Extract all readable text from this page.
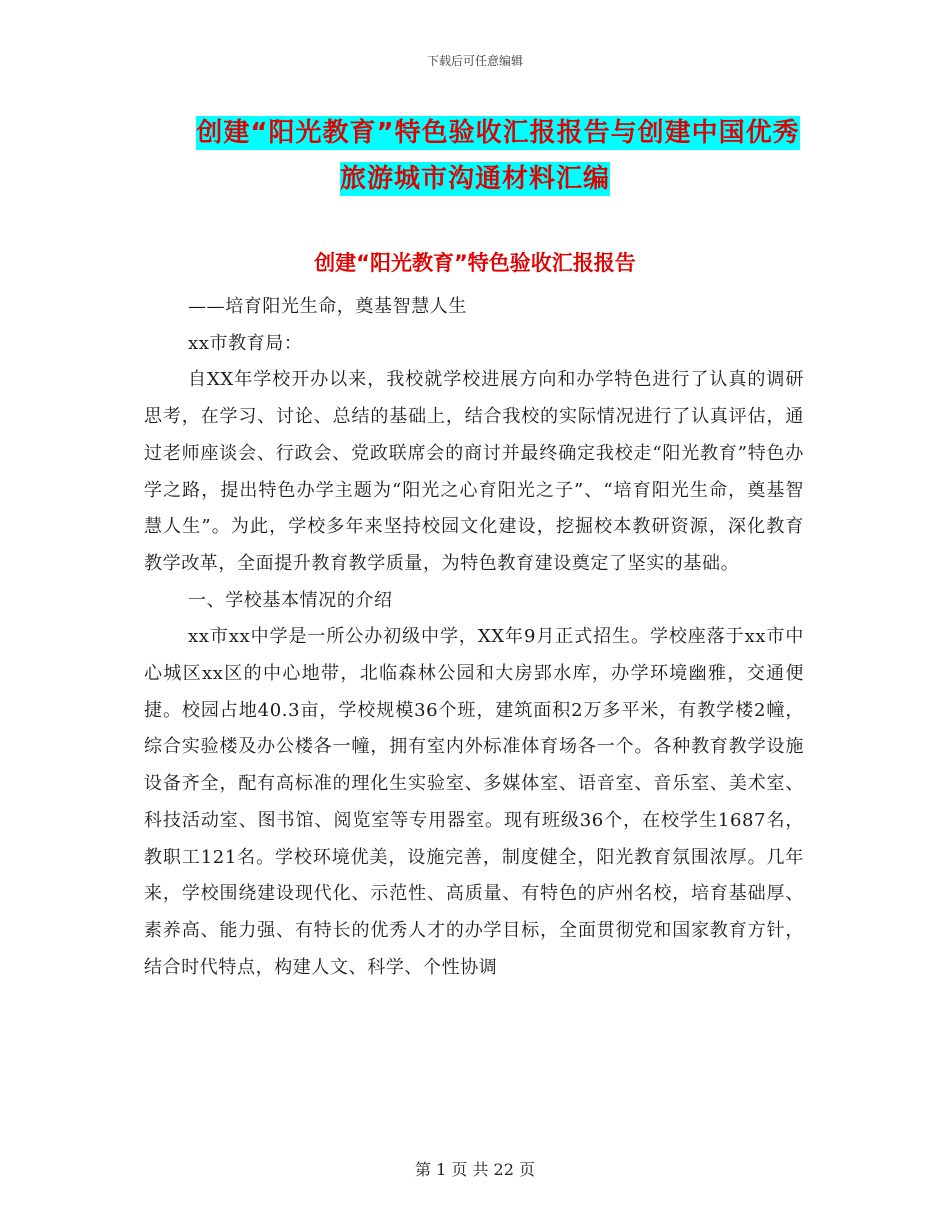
下载后可任意编辑
创建“阳光教育”特色验收汇报报告与创建中国优秀
旅游城市沟通材料汇编
创建“阳光教育”特色验收汇报报告

——培育阳光生命，奠基智慧人生

xx市教育局：

自XX年学校开办以来，我校就学校进展方向和办学特色进行了认真的调研思考，在学习、讨论、总结的基础上，结合我校的实际情况进行了认真评估，通过老师座谈会、行政会、党政联席会的商讨并最终确定我校走“阳光教育”特色办学之路，提出特色办学主题为“阳光之心育阳光之子”、“培育阳光生命，奠基智慧人生”。为此，学校多年来坚持校园文化建设，挖掘校本教研资源，深化教育教学改革，全面提升教育教学质量，为特色教育建设奠定了坚实的基础。

一、学校基本情况的介绍

xx市xx中学是一所公办初级中学，XX年9月正式招生。学校座落于xx市中心城区xx区的中心地带，北临森林公园和大房郢水库，办学环境幽雅，交通便捷。校园占地40.3亩，学校规模36个班，建筑面积2万多平米，有教学楼2幢，综合实验楼及办公楼各一幢，拥有室内外标准体育场各一个。各种教育教学设施设备齐全，配有高标准的理化生实验室、多媒体室、语音室、音乐室、美术室、科技活动室、图书馆、阅览室等专用器室。现有班级36个，在校学生1687名，教职工121名。学校环境优美，设施完善，制度健全，阳光教育氛围浓厚。几年来，学校围绕建设现代化、示范性、高质量、有特色的庐州名校，培育基础厚、素养高、能力强、有特长的优秀人才的办学目标，全面贯彻党和国家教育方针，结合时代特点，构建人文、科学、个性协调

第 1 页 共 22 页
